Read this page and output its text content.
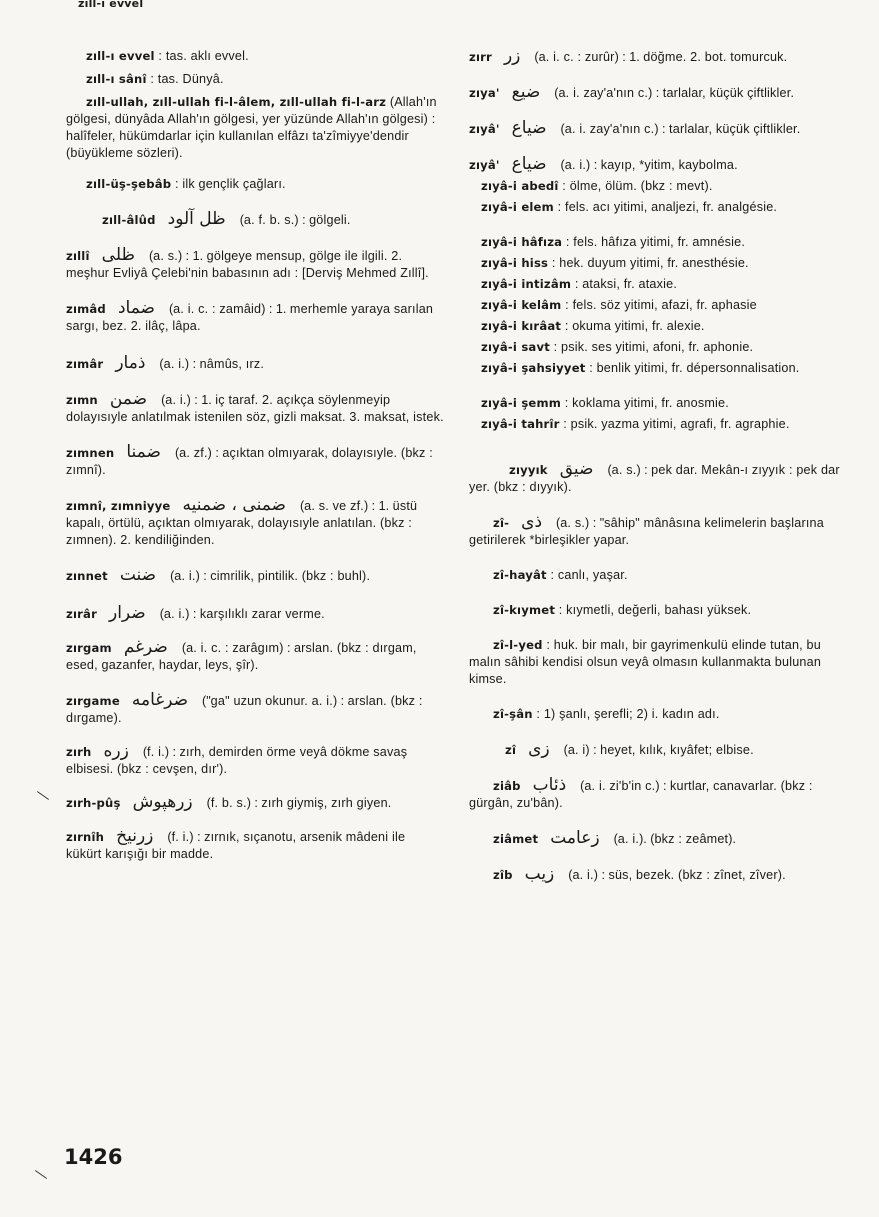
zıll-ı evvel

zıll-ı evvel : tas. aklı evvel.

zıll-ı sânî : tas. Dünyâ.

zıll-ullah, zıll-ullah fi-l-âlem, zıll-ullah fi-l-arz (Allah'ın gölgesi, dünyâda Allah'ın gölgesi, yer yüzünde Allah'ın gölgesi) : halîfeler, hükümdarlar için kullanılan elfâzı ta'zîmiyye'dendir (büyükleme sözleri).

zıll-üş-şebâb : ilk gençlik çağları.

zıll-âlûd ظل آلود (a. f. b. s.) : gölgeli.

zıllî ظلی (a. s.) : 1. gölgeye mensup, gölge ile ilgili. 2. meşhur Evliyâ Çelebi'nin babasının adı : [Derviş Mehmed Zıllî].

zımâd ضماد (a. i. c. : zamâid) : 1. merhemle yaraya sarılan sargı, bez. 2. ilâç, lâpa.

zımâr ذمار (a. i.) : nâmûs, ırz.

zımn ضمن (a. i.) : 1. iç taraf. 2. açıkça söylenmeyip dolayısıyle anlatılmak istenilen söz, gizli maksat. 3. maksat, istek.

zımnen ضمنا (a. zf.) : açıktan olmıyarak, dolayısıyle. (bkz : zımnî).

zımnî, zımniyye ضمنی ، ضمنیه (a. s. ve zf.) : 1. üstü kapalı, örtülü, açıktan olmıyarak, dolayısıyle anlatılan. (bkz : zımnen). 2. kendiliğinden.

zınnet ضنت (a. i.) : cimrilik, pintilik. (bkz : buhl).

zırâr ضرار (a. i.) : karşılıklı zarar verme.

zırgam ضرغم (a. i. c. : zarâgım) : arslan. (bkz : dırgam, esed, gazanfer, haydar, leys, şîr).

zırgame ضرغامه ("ga" uzun okunur. a. i.) : arslan. (bkz : dırgame).

zırh زره (f. i.) : zırh, demirden örme veyâ dökme savaş elbisesi. (bkz : cevşen, dır').

zırh-pûş زرهپوش (f. b. s.) : zırh giymiş, zırh giyen.

zırnîh زرنیخ (f. i.) : zırnık, sıçanotu, arsenik mâdeni ile kükürt karışığı bir madde.

zırr زر (a. i. c. : zurûr) : 1. döğme. 2. bot. tomurcuk.

zıya' ضیع (a. i. zay'a'nın c.) : tarlalar, küçük çiftlikler.

zıyâ' ضیاع (a. i. zay'a'nın c.) : tarlalar, küçük çiftlikler.

zıyâ' ضیاع (a. i.) : kayıp, *yitim, kaybolma.

zıyâ-i abedî : ölme, ölüm. (bkz : mevt).

zıyâ-i elem : fels. acı yitimi, analjezi, fr. analgésie.

zıyâ-i hâfıza : fels. hâfıza yitimi, fr. amnésie.

zıyâ-i hiss : hek. duyum yitimi, fr. anesthésie.

zıyâ-i intizâm : ataksi, fr. ataxie.

zıyâ-i kelâm : fels. söz yitimi, afazi, fr. aphasie

zıyâ-i kırâat : okuma yitimi, fr. alexie.

zıyâ-i savt : psik. ses yitimi, afoni, fr. aphonie.

zıyâ-i şahsiyyet : benlik yitimi, fr. dépersonnalisation.

zıyâ-i şemm : koklama yitimi, fr. anosmie.

zıyâ-i tahrîr : psik. yazma yitimi, agrafi, fr. agraphie.

zıyyık ضیق (a. s.) : pek dar. Mekân-ı zıyyık : pek dar yer. (bkz : dıyyık).

zî- ذی (a. s.) : "sâhip" mânâsına kelimelerin başlarına getirilerek *birleşikler yapar.

zî-hayât : canlı, yaşar.

zî-kıymet : kıymetli, değerli, bahası yüksek.

zî-l-yed : huk. bir malı, bir gayrimenkulü elinde tutan, bu malın sâhibi kendisi olsun veyâ olmasın kullanmakta bulunan kimse.

zî-şân : 1) şanlı, şerefli; 2) i. kadın adı.

zî زی (a. i) : heyet, kılık, kıyâfet; elbise.

ziâb ذئاب (a. i. zi'b'in c.) : kurtlar, canavarlar. (bkz : gürgân, zu'bân).

ziâmet زعامت (a. i.). (bkz : zeâmet).

zîb زیب (a. i.) : süs, bezek. (bkz : zînet, zîver).

1426
